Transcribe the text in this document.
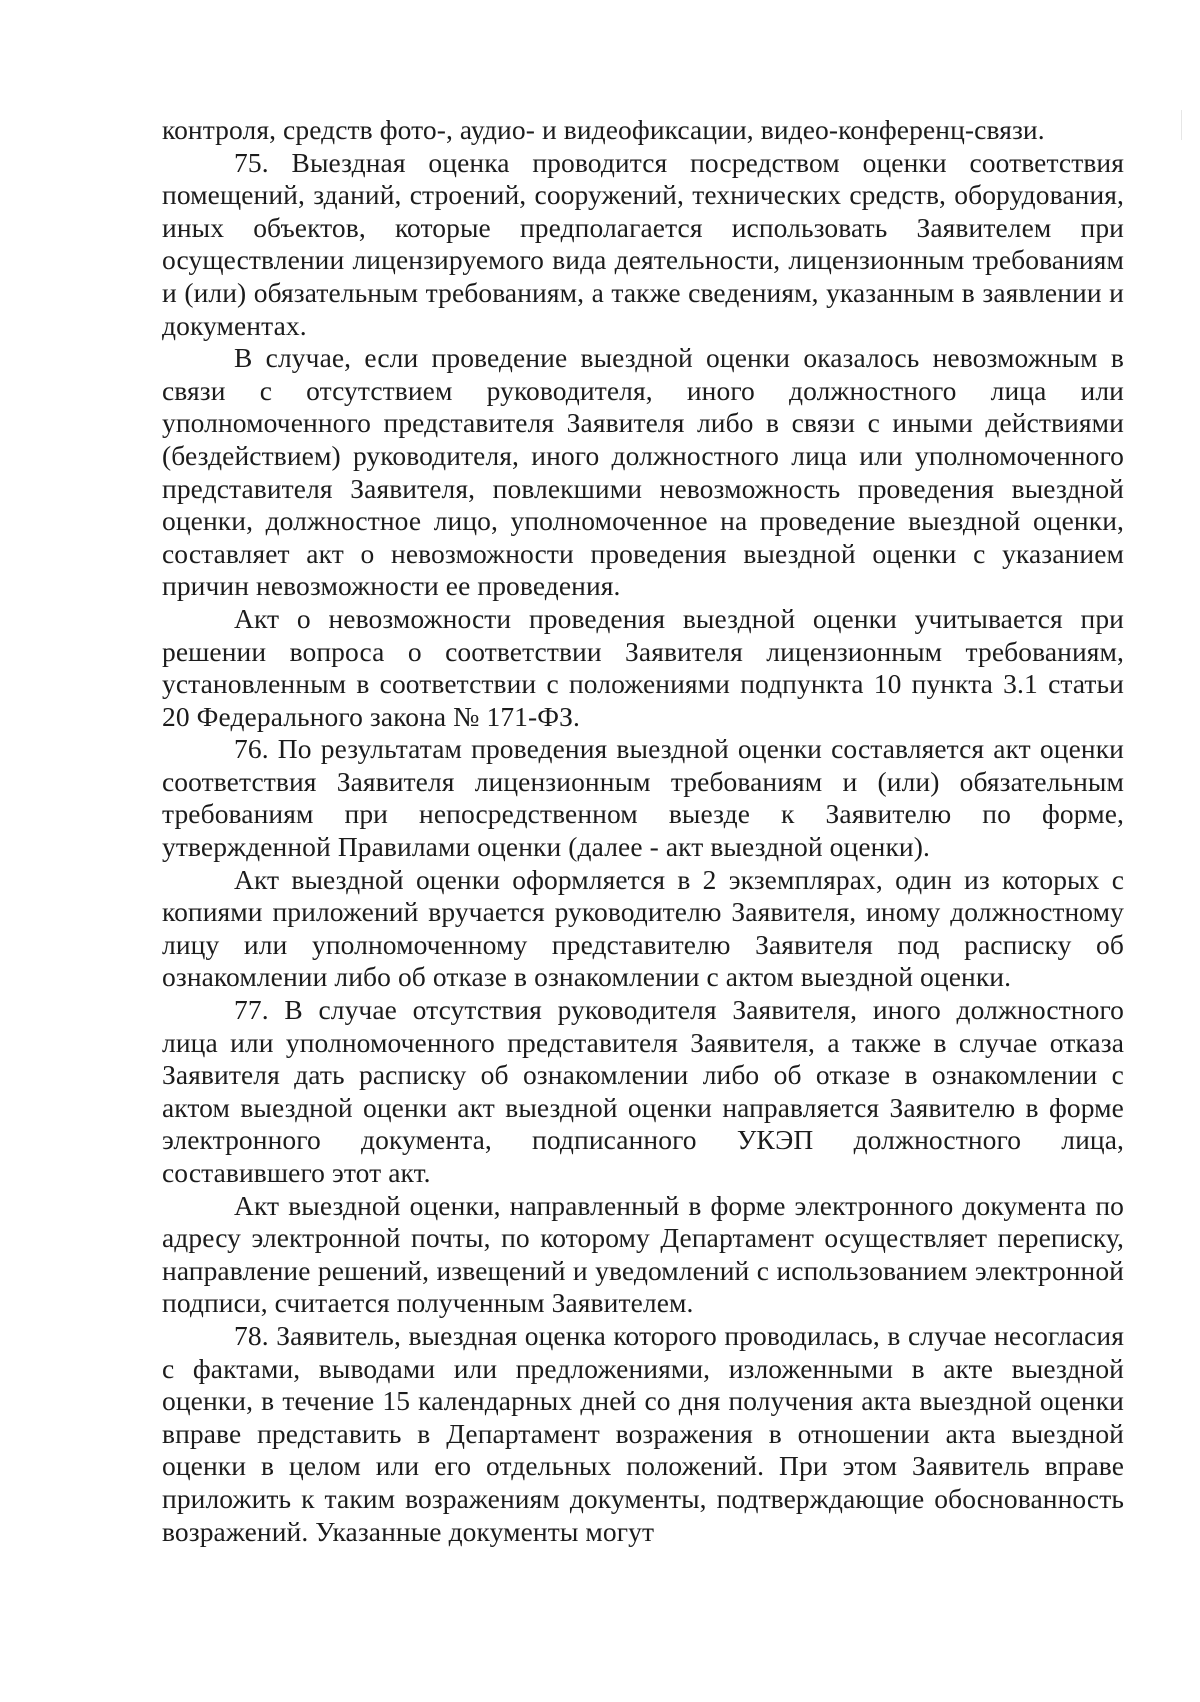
контроля, средств фото-, аудио- и видеофиксации, видео-конференц-связи.

75. Выездная оценка проводится посредством оценки соответствия помещений, зданий, строений, сооружений, технических средств, оборудования, иных объектов, которые предполагается использовать Заявителем при осуществлении лицензируемого вида деятельности, лицензионным требованиям и (или) обязательным требованиям, а также сведениям, указанным в заявлении и документах.

В случае, если проведение выездной оценки оказалось невозможным в связи с отсутствием руководителя, иного должностного лица или уполномоченного представителя Заявителя либо в связи с иными действиями (бездействием) руководителя, иного должностного лица или уполномоченного представителя Заявителя, повлекшими невозможность проведения выездной оценки, должностное лицо, уполномоченное на проведение выездной оценки, составляет акт о невозможности проведения выездной оценки с указанием причин невозможности ее проведения.

Акт о невозможности проведения выездной оценки учитывается при решении вопроса о соответствии Заявителя лицензионным требованиям, установленным в соответствии с положениями подпункта 10 пункта 3.1 статьи 20 Федерального закона № 171-ФЗ.

76. По результатам проведения выездной оценки составляется акт оценки соответствия Заявителя лицензионным требованиям и (или) обязательным требованиям при непосредственном выезде к Заявителю по форме, утвержденной Правилами оценки (далее - акт выездной оценки).

Акт выездной оценки оформляется в 2 экземплярах, один из которых с копиями приложений вручается руководителю Заявителя, иному должностному лицу или уполномоченному представителю Заявителя под расписку об ознакомлении либо об отказе в ознакомлении с актом выездной оценки.

77. В случае отсутствия руководителя Заявителя, иного должностного лица или уполномоченного представителя Заявителя, а также в случае отказа Заявителя дать расписку об ознакомлении либо об отказе в ознакомлении с актом выездной оценки акт выездной оценки направляется Заявителю в форме электронного документа, подписанного УКЭП должностного лица, составившего этот акт.

Акт выездной оценки, направленный в форме электронного документа по адресу электронной почты, по которому Департамент осуществляет переписку, направление решений, извещений и уведомлений с использованием электронной подписи, считается полученным Заявителем.

78. Заявитель, выездная оценка которого проводилась, в случае несогласия с фактами, выводами или предложениями, изложенными в акте выездной оценки, в течение 15 календарных дней со дня получения акта выездной оценки вправе представить в Департамент возражения в отношении акта выездной оценки в целом или его отдельных положений. При этом Заявитель вправе приложить к таким возражениям документы, подтверждающие обоснованность возражений. Указанные документы могут
